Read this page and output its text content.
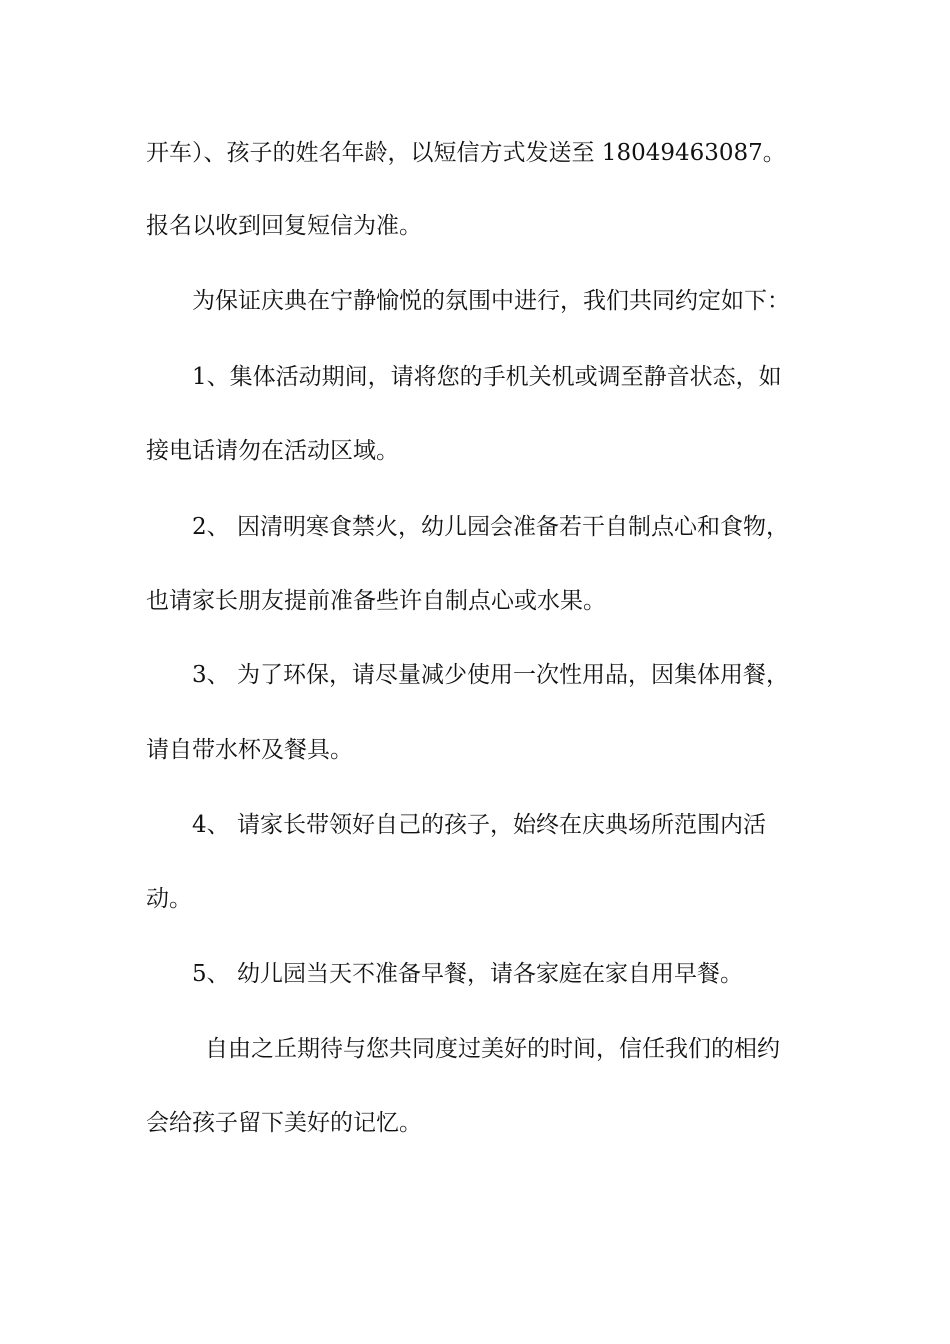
开车）、孩子的姓名年龄，以短信方式发送至 18049463087。
报名以收到回复短信为准。
为保证庆典在宁静愉悦的氛围中进行，我们共同约定如下：
1、集体活动期间，请将您的手机关机或调至静音状态，如
接电话请勿在活动区域。
2、 因清明寒食禁火，幼儿园会准备若干自制点心和食物，
也请家长朋友提前准备些许自制点心或水果。
3、 为了环保，请尽量减少使用一次性用品，因集体用餐，
请自带水杯及餐具。
4、 请家长带领好自己的孩子，始终在庆典场所范围内活
动。
5、 幼儿园当天不准备早餐，请各家庭在家自用早餐。
自由之丘期待与您共同度过美好的时间，信任我们的相约
会给孩子留下美好的记忆。
